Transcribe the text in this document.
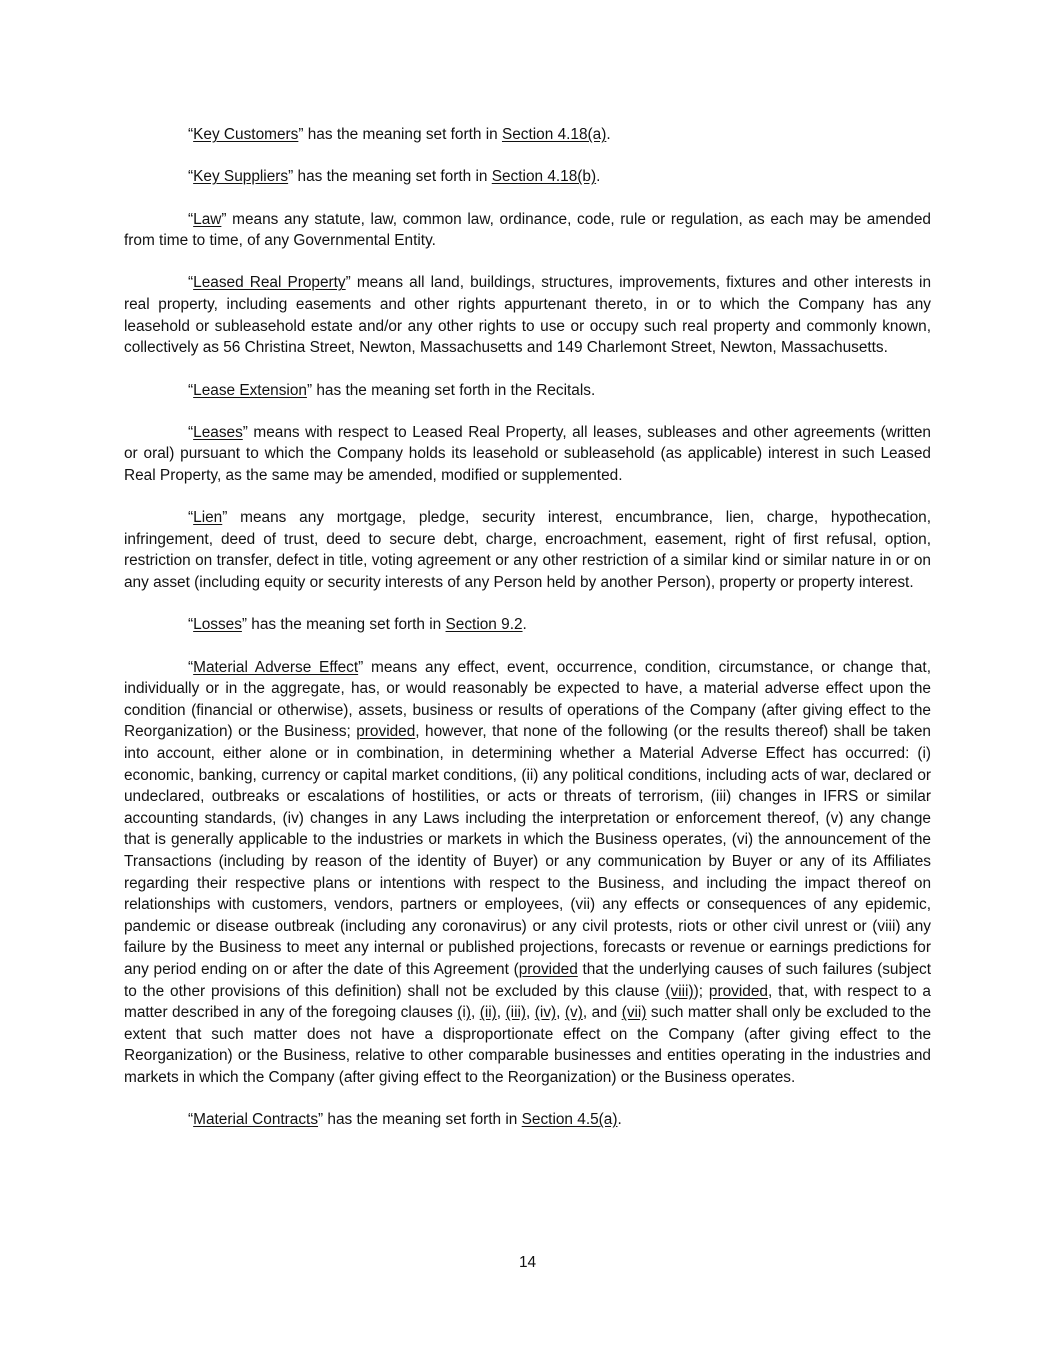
“Key Customers” has the meaning set forth in Section 4.18(a).

“Key Suppliers” has the meaning set forth in Section 4.18(b).

“Law” means any statute, law, common law, ordinance, code, rule or regulation, as each may be amended from time to time, of any Governmental Entity.

“Leased Real Property” means all land, buildings, structures, improvements, fixtures and other interests in real property, including easements and other rights appurtenant thereto, in or to which the Company has any leasehold or subleasehold estate and/or any other rights to use or occupy such real property and commonly known, collectively as 56 Christina Street, Newton, Massachusetts and 149 Charlemont Street, Newton, Massachusetts.

“Lease Extension” has the meaning set forth in the Recitals.

“Leases” means with respect to Leased Real Property, all leases, subleases and other agreements (written or oral) pursuant to which the Company holds its leasehold or subleasehold (as applicable) interest in such Leased Real Property, as the same may be amended, modified or supplemented.

“Lien” means any mortgage, pledge, security interest, encumbrance, lien, charge, hypothecation, infringement, deed of trust, deed to secure debt, charge, encroachment, easement, right of first refusal, option, restriction on transfer, defect in title, voting agreement or any other restriction of a similar kind or similar nature in or on any asset (including equity or security interests of any Person held by another Person), property or property interest.

“Losses” has the meaning set forth in Section 9.2.

“Material Adverse Effect” means any effect, event, occurrence, condition, circumstance, or change that, individually or in the aggregate, has, or would reasonably be expected to have, a material adverse effect upon the condition (financial or otherwise), assets, business or results of operations of the Company (after giving effect to the Reorganization) or the Business; provided, however, that none of the following (or the results thereof) shall be taken into account, either alone or in combination, in determining whether a Material Adverse Effect has occurred: (i) economic, banking, currency or capital market conditions, (ii) any political conditions, including acts of war, declared or undeclared, outbreaks or escalations of hostilities, or acts or threats of terrorism, (iii) changes in IFRS or similar accounting standards, (iv) changes in any Laws including the interpretation or enforcement thereof, (v) any change that is generally applicable to the industries or markets in which the Business operates, (vi) the announcement of the Transactions (including by reason of the identity of Buyer) or any communication by Buyer or any of its Affiliates regarding their respective plans or intentions with respect to the Business, and including the impact thereof on relationships with customers, vendors, partners or employees, (vii) any effects or consequences of any epidemic, pandemic or disease outbreak (including any coronavirus) or any civil protests, riots or other civil unrest or (viii) any failure by the Business to meet any internal or published projections, forecasts or revenue or earnings predictions for any period ending on or after the date of this Agreement (provided that the underlying causes of such failures (subject to the other provisions of this definition) shall not be excluded by this clause (viii)); provided, that, with respect to a matter described in any of the foregoing clauses (i), (ii), (iii), (iv), (v), and (vii) such matter shall only be excluded to the extent that such matter does not have a disproportionate effect on the Company (after giving effect to the Reorganization) or the Business, relative to other comparable businesses and entities operating in the industries and markets in which the Company (after giving effect to the Reorganization) or the Business operates.

“Material Contracts” has the meaning set forth in Section 4.5(a).

14
